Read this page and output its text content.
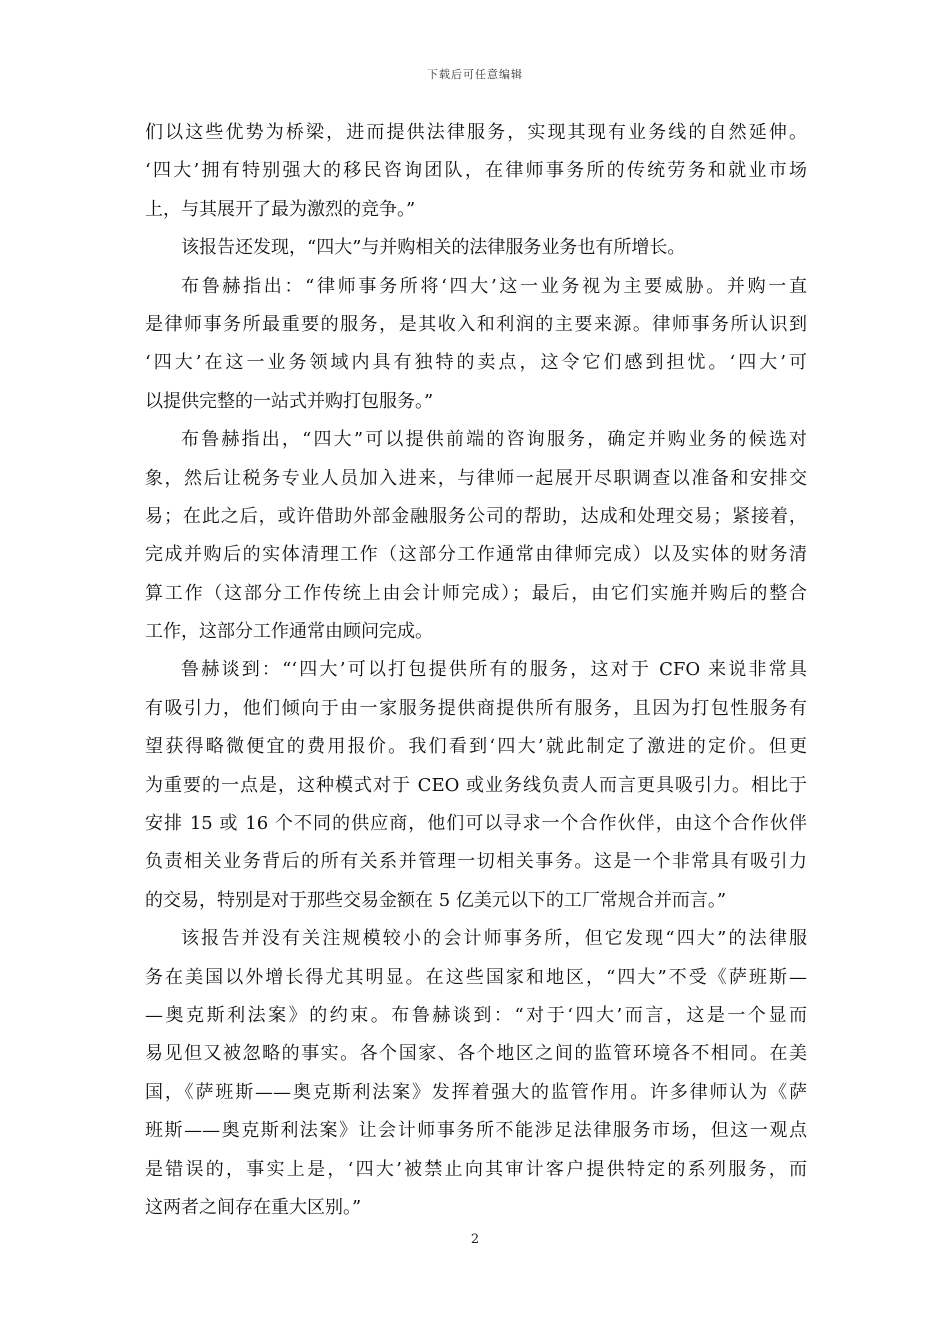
下载后可任意编辑
们以这些优势为桥梁，进而提供法律服务，实现其现有业务线的自然延伸。
‘四大’拥有特别强大的移民咨询团队，在律师事务所的传统劳务和就业市场
上，与其展开了最为激烈的竞争。”
该报告还发现，“四大”与并购相关的法律服务业务也有所增长。
布鲁赫指出：“律师事务所将‘四大’这一业务视为主要威胁。并购一直
是律师事务所最重要的服务，是其收入和利润的主要来源。律师事务所认识到
‘四大’在这一业务领域内具有独特的卖点，这令它们感到担忧。‘四大’可
以提供完整的一站式并购打包服务。”
布鲁赫指出，“四大”可以提供前端的咨询服务，确定并购业务的候选对
象，然后让税务专业人员加入进来，与律师一起展开尽职调查以准备和安排交
易；在此之后，或许借助外部金融服务公司的帮助，达成和处理交易；紧接着，
完成并购后的实体清理工作（这部分工作通常由律师完成）以及实体的财务清
算工作（这部分工作传统上由会计师完成）；最后，由它们实施并购后的整合
工作，这部分工作通常由顾问完成。
鲁赫谈到：“‘四大’可以打包提供所有的服务，这对于 CFO 来说非常具
有吸引力，他们倾向于由一家服务提供商提供所有服务，且因为打包性服务有
望获得略微便宜的费用报价。我们看到‘四大’就此制定了激进的定价。但更
为重要的一点是，这种模式对于 CEO 或业务线负责人而言更具吸引力。相比于
安排 15 或 16 个不同的供应商，他们可以寻求一个合作伙伴，由这个合作伙伴
负责相关业务背后的所有关系并管理一切相关事务。这是一个非常具有吸引力
的交易，特别是对于那些交易金额在 5 亿美元以下的工厂常规合并而言。”
该报告并没有关注规模较小的会计师事务所，但它发现“四大”的法律服
务在美国以外增长得尤其明显。在这些国家和地区，“四大”不受《萨班斯—
—奥克斯利法案》的约束。布鲁赫谈到：“对于‘四大’而言，这是一个显而
易见但又被忽略的事实。各个国家、各个地区之间的监管环境各不相同。在美
国，《萨班斯——奥克斯利法案》发挥着强大的监管作用。许多律师认为《萨
班斯——奥克斯利法案》让会计师事务所不能涉足法律服务市场，但这一观点
是错误的，事实上是，‘四大’被禁止向其审计客户提供特定的系列服务，而
这两者之间存在重大区别。”
2
